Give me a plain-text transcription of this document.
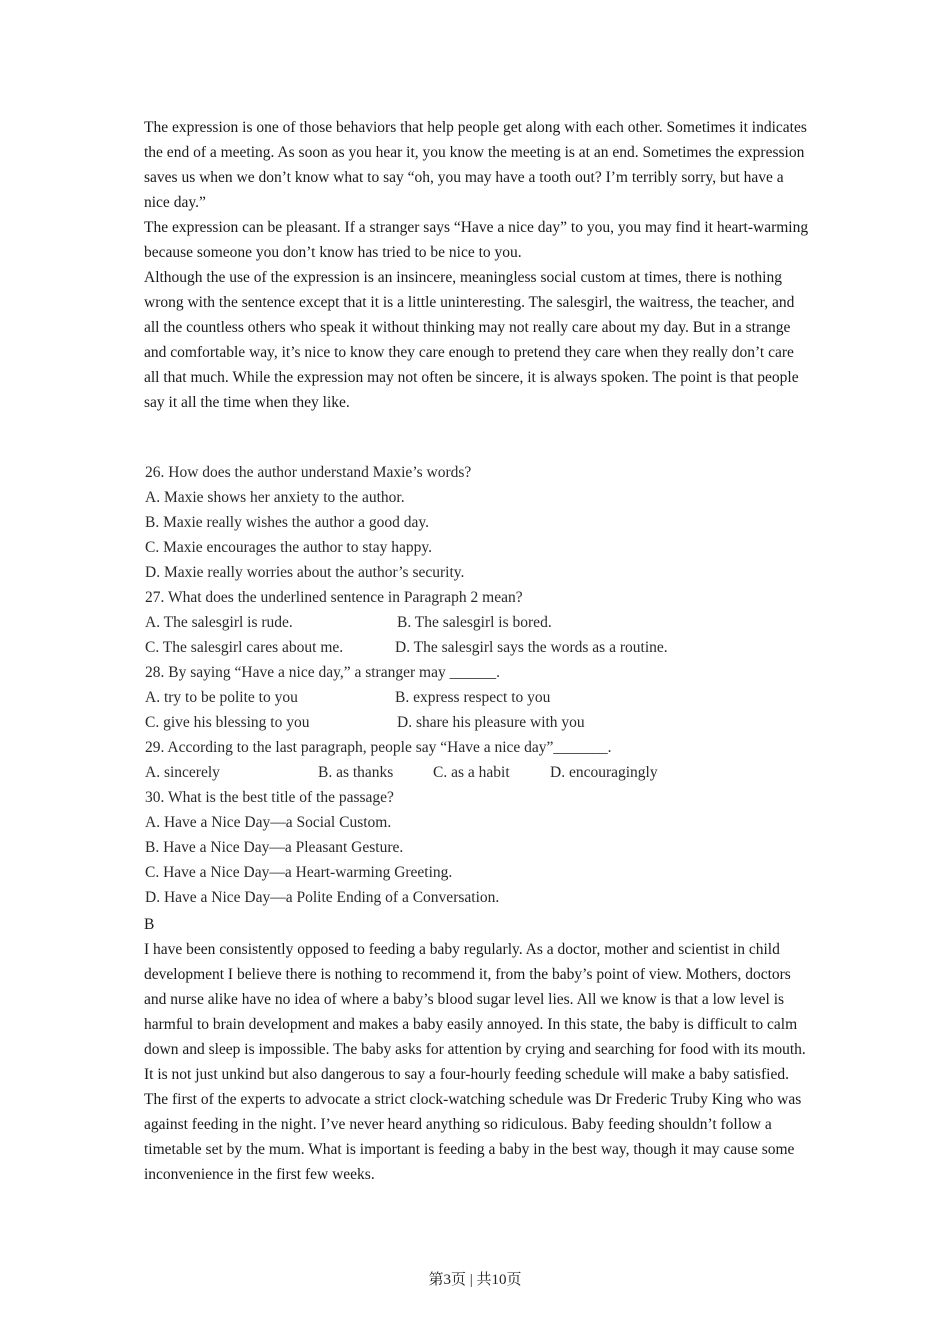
The expression is one of those behaviors that help people get along with each other. Sometimes it indicates the end of a meeting. As soon as you hear it, you know the meeting is at an end. Sometimes the expression saves us when we don’t know what to say “oh, you may have a tooth out? I’m terribly sorry, but have a nice day.”

The expression can be pleasant. If a stranger says “Have a nice day” to you, you may find it heart-warming because someone you don’t know has tried to be nice to you.

Although the use of the expression is an insincere, meaningless social custom at times, there is nothing wrong with the sentence except that it is a little uninteresting. The salesgirl, the waitress, the teacher, and all the countless others who speak it without thinking may not really care about my day. But in a strange and comfortable way, it’s nice to know they care enough to pretend they care when they really don’t care all that much. While the expression may not often be sincere, it is always spoken. The point is that people say it all the time when they like.

26. How does the author understand Maxie’s words?
A. Maxie shows her anxiety to the author.
B. Maxie really wishes the author a good day.
C. Maxie encourages the author to stay happy.
D. Maxie really worries about the author’s security.
27. What does the underlined sentence in Paragraph 2 mean?
A. The salesgirl is rude.	B. The salesgirl is bored.
C. The salesgirl cares about me.	D. The salesgirl says the words as a routine.
28. By saying “Have a nice day,” a stranger may ______.
A. try to be polite to you	B. express respect to you
C. give his blessing to you	D. share his pleasure with you
29. According to the last paragraph, people say “Have a nice day”_______.
A. sincerely	B. as thanks	C. as a habit	D. encouragingly
30. What is the best title of the passage?
A. Have a Nice Day—a Social Custom.
B. Have a Nice Day—a Pleasant Gesture.
C. Have a Nice Day—a Heart-warming Greeting.
D. Have a Nice Day—a Polite Ending of a Conversation.

B

I have been consistently opposed to feeding a baby regularly. As a doctor, mother and scientist in child development I believe there is nothing to recommend it, from the baby’s point of view. Mothers, doctors and nurse alike have no idea of where a baby’s blood sugar level lies. All we know is that a low level is harmful to brain development and makes a baby easily annoyed. In this state, the baby is difficult to calm down and sleep is impossible. The baby asks for attention by crying and searching for food with its mouth.

It is not just unkind but also dangerous to say a four-hourly feeding schedule will make a baby satisfied. The first of the experts to advocate a strict clock-watching schedule was Dr Frederic Truby King who was against feeding in the night. I’ve never heard anything so ridiculous. Baby feeding shouldn’t follow a timetable set by the mum. What is important is feeding a baby in the best way, though it may cause some inconvenience in the first few weeks.

第3页 | 共10页
